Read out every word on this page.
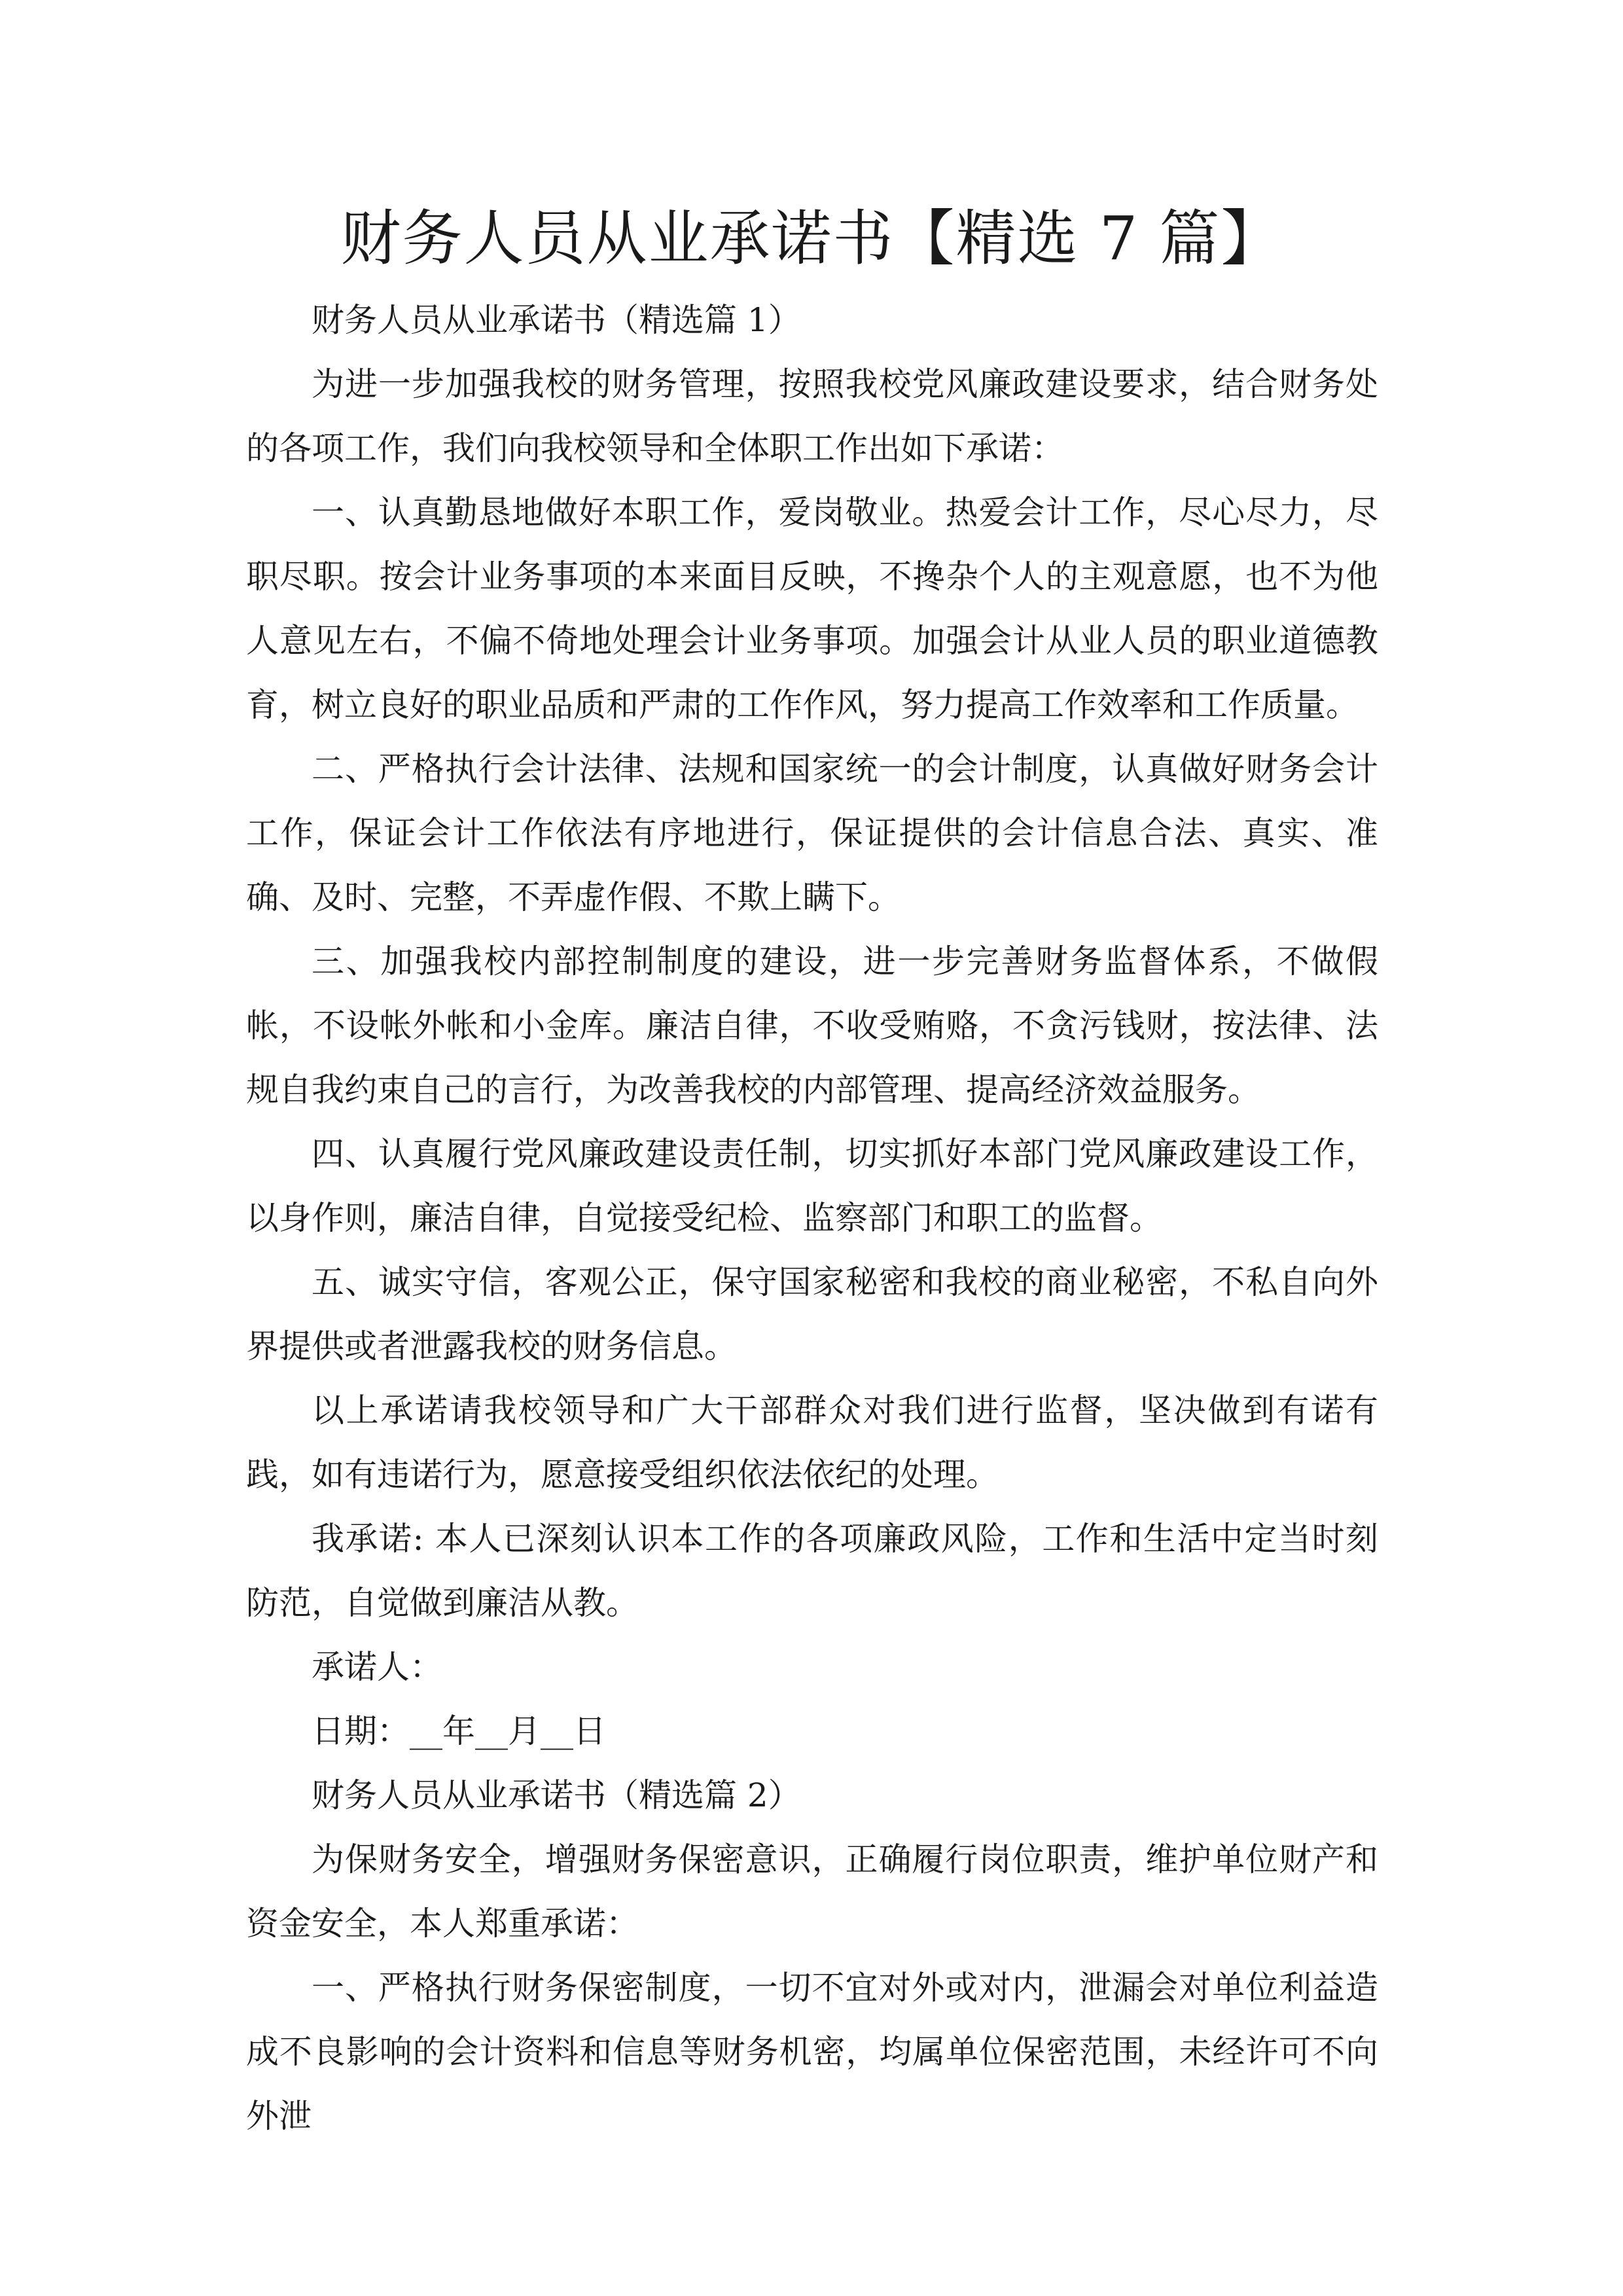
财务人员从业承诺书【精选 7 篇】

财务人员从业承诺书（精选篇 1）

为进一步加强我校的财务管理，按照我校党风廉政建设要求，结合财务处的各项工作，我们向我校领导和全体职工作出如下承诺：

一、认真勤恳地做好本职工作，爱岗敬业。热爱会计工作，尽心尽力，尽职尽职。按会计业务事项的本来面目反映，不搀杂个人的主观意愿，也不为他人意见左右，不偏不倚地处理会计业务事项。加强会计从业人员的职业道德教育，树立良好的职业品质和严肃的工作作风，努力提高工作效率和工作质量。

二、严格执行会计法律、法规和国家统一的会计制度，认真做好财务会计工作，保证会计工作依法有序地进行，保证提供的会计信息合法、真实、准确、及时、完整，不弄虚作假、不欺上瞒下。

三、加强我校内部控制制度的建设，进一步完善财务监督体系，不做假帐，不设帐外帐和小金库。廉洁自律，不收受贿赂，不贪污钱财，按法律、法规自我约束自己的言行，为改善我校的内部管理、提高经济效益服务。

四、认真履行党风廉政建设责任制，切实抓好本部门党风廉政建设工作，以身作则，廉洁自律，自觉接受纪检、监察部门和职工的监督。

五、诚实守信，客观公正，保守国家秘密和我校的商业秘密，不私自向外界提供或者泄露我校的财务信息。

以上承诺请我校领导和广大干部群众对我们进行监督，坚决做到有诺有践，如有违诺行为，愿意接受组织依法依纪的处理。

我承诺: 本人已深刻认识本工作的各项廉政风险，工作和生活中定当时刻防范，自觉做到廉洁从教。

承诺人：

日期：__年__月__日

财务人员从业承诺书（精选篇 2）

为保财务安全，增强财务保密意识，正确履行岗位职责，维护单位财产和资金安全，本人郑重承诺：

一、严格执行财务保密制度，一切不宜对外或对内，泄漏会对单位利益造成不良影响的会计资料和信息等财务机密，均属单位保密范围，未经许可不向外泄
